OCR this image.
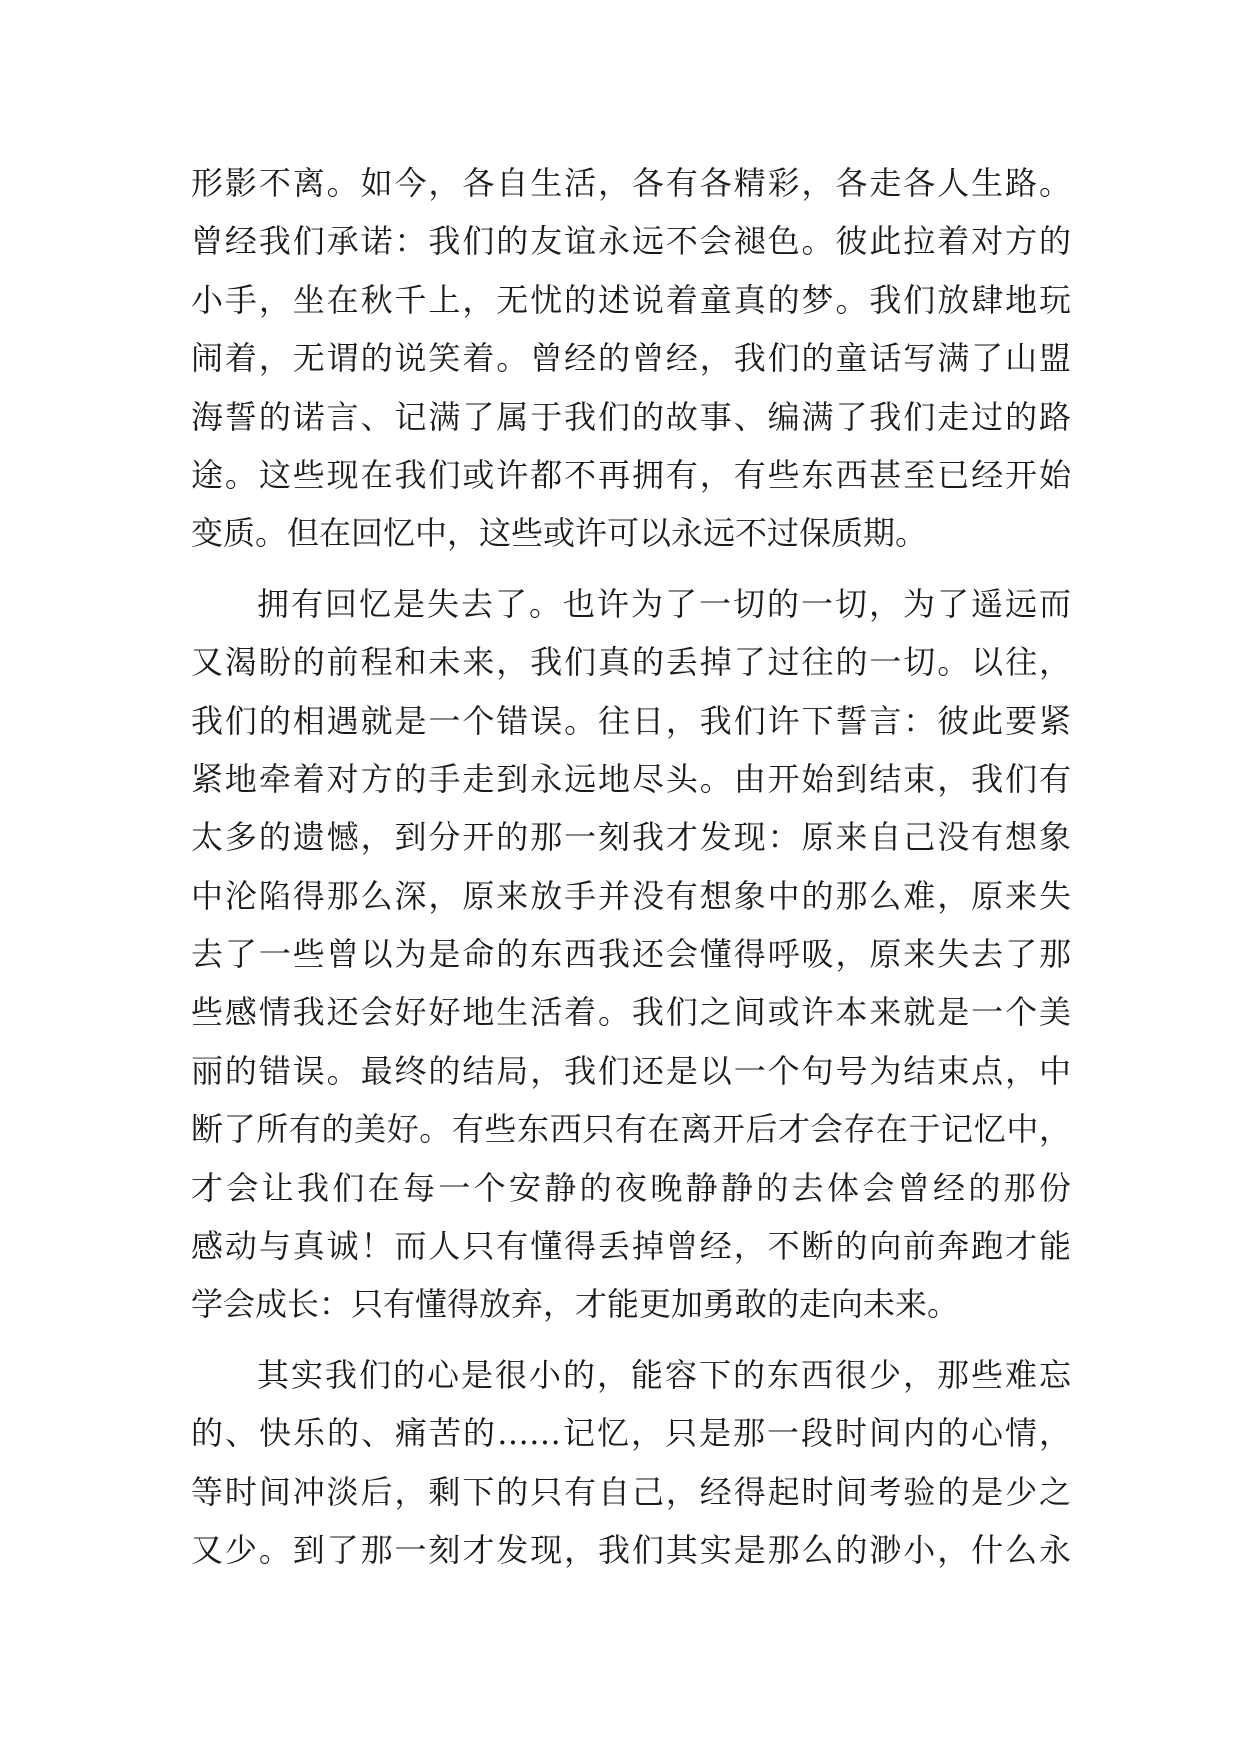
形影不离。如今，各自生活，各有各精彩，各走各人生路。
曾经我们承诺：我们的友谊永远不会褪色。彼此拉着对方的
小手，坐在秋千上，无忧的述说着童真的梦。我们放肆地玩
闹着，无谓的说笑着。曾经的曾经，我们的童话写满了山盟
海誓的诺言、记满了属于我们的故事、编满了我们走过的路
途。这些现在我们或许都不再拥有，有些东西甚至已经开始
变质。但在回忆中，这些或许可以永远不过保质期。
拥有回忆是失去了。也许为了一切的一切，为了遥远而
又渴盼的前程和未来，我们真的丢掉了过往的一切。以往，
我们的相遇就是一个错误。往日，我们许下誓言：彼此要紧
紧地牵着对方的手走到永远地尽头。由开始到结束，我们有
太多的遗憾，到分开的那一刻我才发现：原来自己没有想象
中沦陷得那么深，原来放手并没有想象中的那么难，原来失
去了一些曾以为是命的东西我还会懂得呼吸，原来失去了那
些感情我还会好好地生活着。我们之间或许本来就是一个美
丽的错误。最终的结局，我们还是以一个句号为结束点，中
断了所有的美好。有些东西只有在离开后才会存在于记忆中，
才会让我们在每一个安静的夜晚静静的去体会曾经的那份
感动与真诚！而人只有懂得丢掉曾经，不断的向前奔跑才能
学会成长：只有懂得放弃，才能更加勇敢的走向未来。
其实我们的心是很小的，能容下的东西很少，那些难忘
的、快乐的、痛苦的……记忆，只是那一段时间内的心情，
等时间冲淡后，剩下的只有自己，经得起时间考验的是少之
又少。到了那一刻才发现，我们其实是那么的渺小，什么永
